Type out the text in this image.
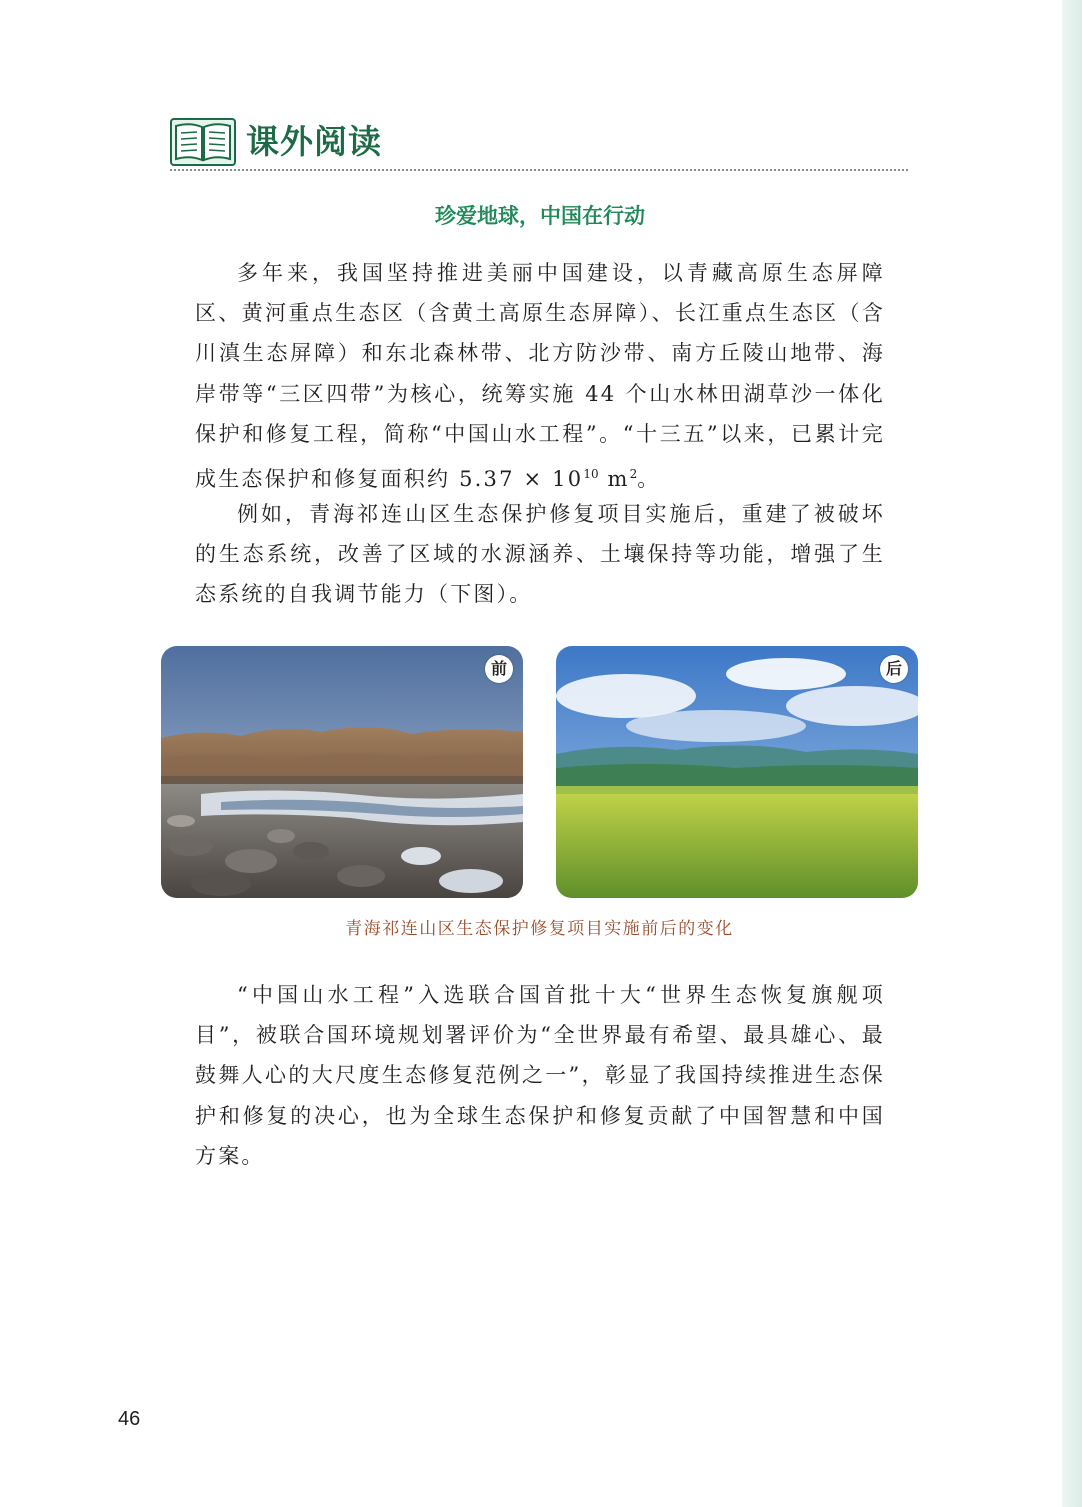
课外阅读
珍爱地球，中国在行动

多年来，我国坚持推进美丽中国建设，以青藏高原生态屏障区、黄河重点生态区（含黄土高原生态屏障）、长江重点生态区（含川滇生态屏障）和东北森林带、北方防沙带、南方丘陵山地带、海岸带等“三区四带”为核心，统筹实施 44 个山水林田湖草沙一体化保护和修复工程，简称“中国山水工程”。“十三五”以来，已累计完成生态保护和修复面积约 $5.37 \times 10^{10}$ $m^2$。

例如，青海祁连山区生态保护修复项目实施后，重建了被破坏的生态系统，改善了区域的水源涵养、土壤保持等功能，增强了生态系统的自我调节能力（下图）。

前	后
青海祁连山区生态保护修复项目实施前后的变化

“中国山水工程”入选联合国首批十大“世界生态恢复旗舰项目”，被联合国环境规划署评价为“全世界最有希望、最具雄心、最鼓舞人心的大尺度生态修复范例之一”，彰显了我国持续推进生态保护和修复的决心，也为全球生态保护和修复贡献了中国智慧和中国方案。

46
